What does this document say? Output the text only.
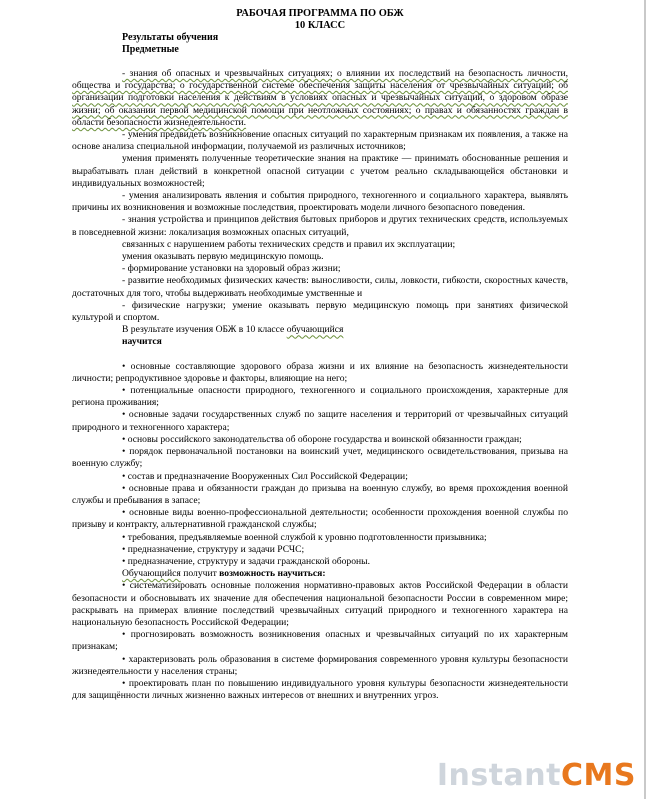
РАБОЧАЯ ПРОГРАММА ПО ОБЖ
10 КЛАСС
Результаты обучения
Предметные

- знания об опасных и чрезвычайных ситуациях; о влиянии их последствий на безопасность личности, общества и государства; о государственной системе обеспечения защиты населения от чрезвычайных ситуаций; об организации подготовки населения к действиям в условиях опасных и чрезвычайных ситуаций, о здоровом образе жизни; об оказании первой медицинской помощи при неотложных состояниях; о правах и обязанностях граждан в области безопасности жизнедеятельности.

- умения предвидеть возникновение опасных ситуаций по характерным признакам их появления, а также на основе анализа специальной информации, получаемой из различных источников;

умения применять полученные теоретические знания на практике — принимать обоснованные решения и вырабатывать план действий в конкретной опасной ситуации с учетом реально складывающейся обстановки и индивидуальных возможностей;

- умения анализировать явления и события природного, техногенного и социального характера, выявлять причины их возникновения и возможные последствия, проектировать модели личного безопасного поведения.

- знания устройства и принципов действия бытовых приборов и других технических средств, используемых в повседневной жизни: локализация возможных опасных ситуаций,

связанных с нарушением работы технических средств и правил их эксплуатации;

умения оказывать первую медицинскую помощь.

- формирование установки на здоровый образ жизни;

- развитие необходимых физических качеств: выносливости, силы, ловкости, гибкости, скоростных качеств, достаточных для того, чтобы выдерживать необходимые умственные и

- физические нагрузки; умение оказывать первую медицинскую помощь при занятиях физической культурой и спортом.

В результате изучения ОБЖ в 10 классе обучающийся

научится

• основные составляющие здорового образа жизни и их влияние на безопасность жизнедеятельности личности; репродуктивное здоровье и факторы, влияющие на него;

• потенциальные опасности природного, техногенного и социального происхождения, характерные для региона проживания;

• основные задачи государственных служб по защите населения и территорий от чрезвычайных ситуаций природного и техногенного характера;

• основы российского законодательства об обороне государства и воинской обязанности граждан;

• порядок первоначальной постановки на воинский учет, медицинского освидетельствования, призыва на военную службу;

• состав и предназначение Вооруженных Сил Российской Федерации;

• основные права и обязанности граждан до призыва на военную службу, во время прохождения военной службы и пребывания в запасе;

• основные виды военно-профессиональной деятельности; особенности прохождения военной службы по призыву и контракту, альтернативной гражданской службы;

• требования, предъявляемые военной службой к уровню подготовленности призывника;

• предназначение, структуру и задачи РСЧС;

• предназначение, структуру и задачи гражданской обороны.

Обучающийся получит возможность научиться:

• систематизировать основные положения нормативно-правовых актов Российской Федерации в области безопасности и обосновывать их значение для обеспечения национальной безопасности России в современном мире; раскрывать на примерах влияние последствий чрезвычайных ситуаций природного и техногенного характера на национальную безопасность Российской Федерации;

• прогнозировать возможность возникновения опасных и чрезвычайных ситуаций по их характерным признакам;

• характеризовать роль образования в системе формирования современного уровня культуры безопасности жизнедеятельности у населения страны;

• проектировать план по повышению индивидуального уровня культуры безопасности жизнедеятельности для защищённости личных жизненно важных интересов от внешних и внутренних угроз.

InstantCMS
